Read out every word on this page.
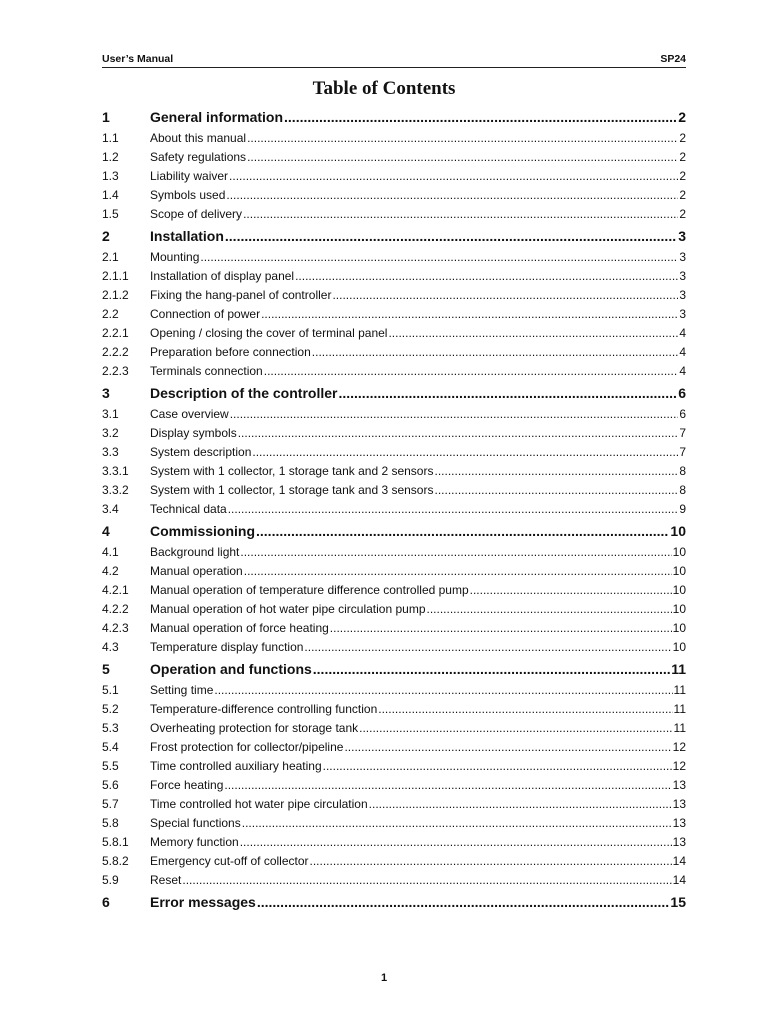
User’s Manual	SP24
Table of Contents
1	General information .....	2
1.1	About this manual .....	2
1.2	Safety regulations .....	2
1.3	Liability waiver .....	2
1.4	Symbols used .....	2
1.5	Scope of delivery .....	2
2	Installation .....	3
2.1	Mounting .....	3
2.1.1	Installation of display panel .....	3
2.1.2	Fixing the hang-panel of controller .....	3
2.2	Connection of power .....	3
2.2.1	Opening / closing the cover of terminal panel .....	4
2.2.2	Preparation before connection .....	4
2.2.3	Terminals connection .....	4
3	Description of the controller .....	6
3.1	Case overview .....	6
3.2	Display symbols .....	7
3.3	System description .....	7
3.3.1	System with 1 collector, 1 storage tank and 2 sensors .....	8
3.3.2	System with 1 collector, 1 storage tank and 3 sensors .....	8
3.4	Technical data .....	9
4	Commissioning .....	10
4.1	Background light .....	10
4.2	Manual operation .....	10
4.2.1	Manual operation of temperature difference controlled pump .....	10
4.2.2	Manual operation of hot water pipe circulation pump .....	10
4.2.3	Manual operation of force heating .....	10
4.3	Temperature display function .....	10
5	Operation and functions .....	11
5.1	Setting time .....	11
5.2	Temperature-difference controlling function .....	11
5.3	Overheating protection for storage tank .....	11
5.4	Frost protection for collector/pipeline .....	12
5.5	Time controlled auxiliary heating .....	12
5.6	Force heating .....	13
5.7	Time controlled hot water pipe circulation .....	13
5.8	Special functions .....	13
5.8.1	Memory function .....	13
5.8.2	Emergency cut-off of collector .....	14
5.9	Reset .....	14
6	Error messages .....	15
1
